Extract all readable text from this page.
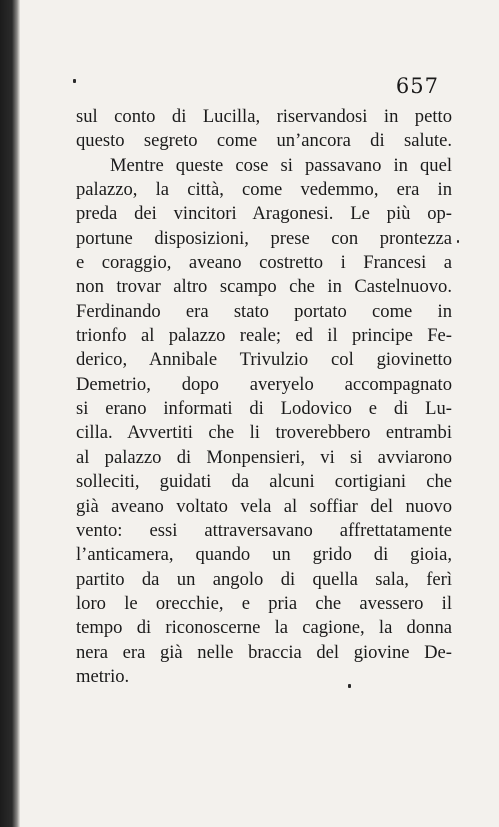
657
sul conto di Lucilla, riservandosi in petto
questo segreto come un’ancora di salute.
Mentre queste cose si passavano in quel
palazzo, la città, come vedemmo, era in
preda dei vincitori Aragonesi. Le più op-
portune disposizioni, prese con prontezza
e coraggio, aveano costretto i Francesi a
non trovar altro scampo che in Castelnuovo.
Ferdinando era stato portato come in
trionfo al palazzo reale; ed il principe Fe-
derico, Annibale Trivulzio col giovinetto
Demetrio, dopo averyelo accompagnato
si erano informati di Lodovico e di Lu-
cilla. Avvertiti che li troverebbero entrambi
al palazzo di Monpensieri, vi si avviarono
solleciti, guidati da alcuni cortigiani che
già aveano voltato vela al soffiar del nuovo
vento: essi attraversavano affrettatamente
l’anticamera, quando un grido di gioia,
partito da un angolo di quella sala, ferì
loro le orecchie, e pria che avessero il
tempo di riconoscerne la cagione, la donna
nera era già nelle braccia del giovine De-
metrio.
